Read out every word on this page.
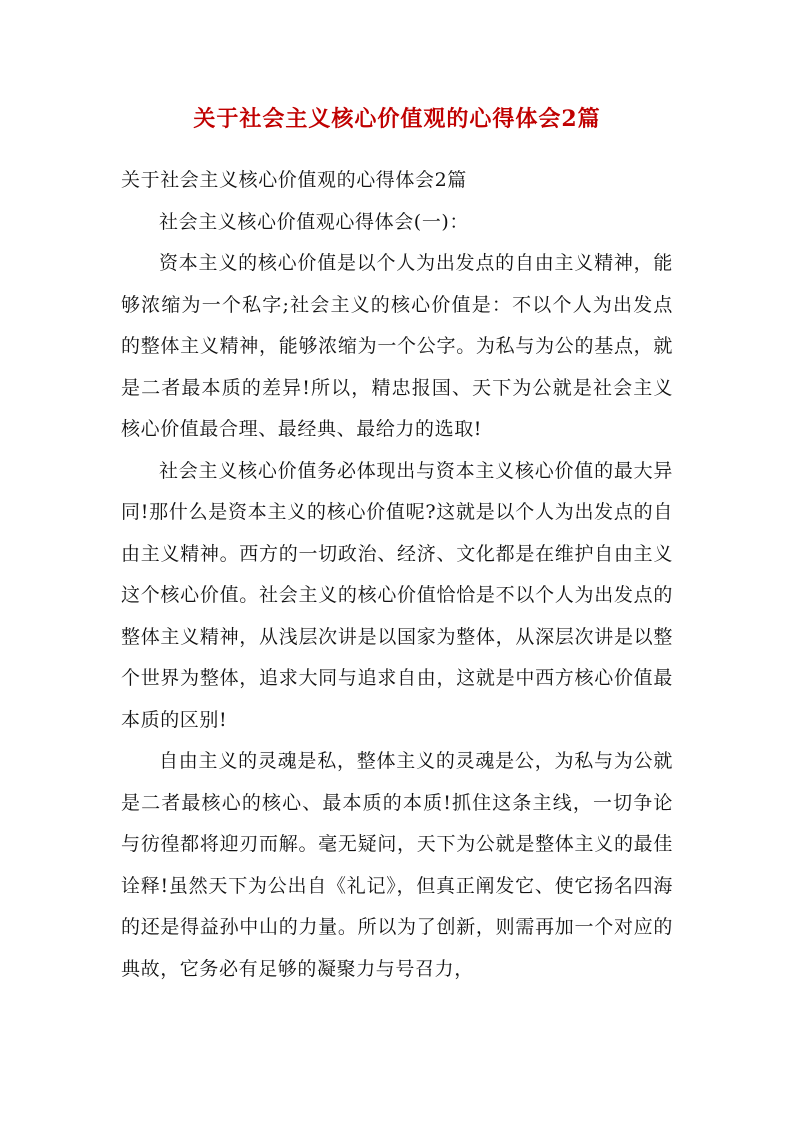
关于社会主义核心价值观的心得体会2篇

关于社会主义核心价值观的心得体会2篇

社会主义核心价值观心得体会(一)：

资本主义的核心价值是以个人为出发点的自由主义精神，能够浓缩为一个私字;社会主义的核心价值是：不以个人为出发点的整体主义精神，能够浓缩为一个公字。为私与为公的基点，就是二者最本质的差异!所以，精忠报国、天下为公就是社会主义核心价值最合理、最经典、最给力的选取!

社会主义核心价值务必体现出与资本主义核心价值的最大异同!那什么是资本主义的核心价值呢?这就是以个人为出发点的自由主义精神。西方的一切政治、经济、文化都是在维护自由主义这个核心价值。社会主义的核心价值恰恰是不以个人为出发点的整体主义精神，从浅层次讲是以国家为整体，从深层次讲是以整个世界为整体，追求大同与追求自由，这就是中西方核心价值最本质的区别!

自由主义的灵魂是私，整体主义的灵魂是公，为私与为公就是二者最核心的核心、最本质的本质!抓住这条主线，一切争论与彷徨都将迎刃而解。毫无疑问，天下为公就是整体主义的最佳诠释!虽然天下为公出自《礼记》，但真正阐发它、使它扬名四海的还是得益孙中山的力量。所以为了创新，则需再加一个对应的典故，它务必有足够的凝聚力与号召力，
